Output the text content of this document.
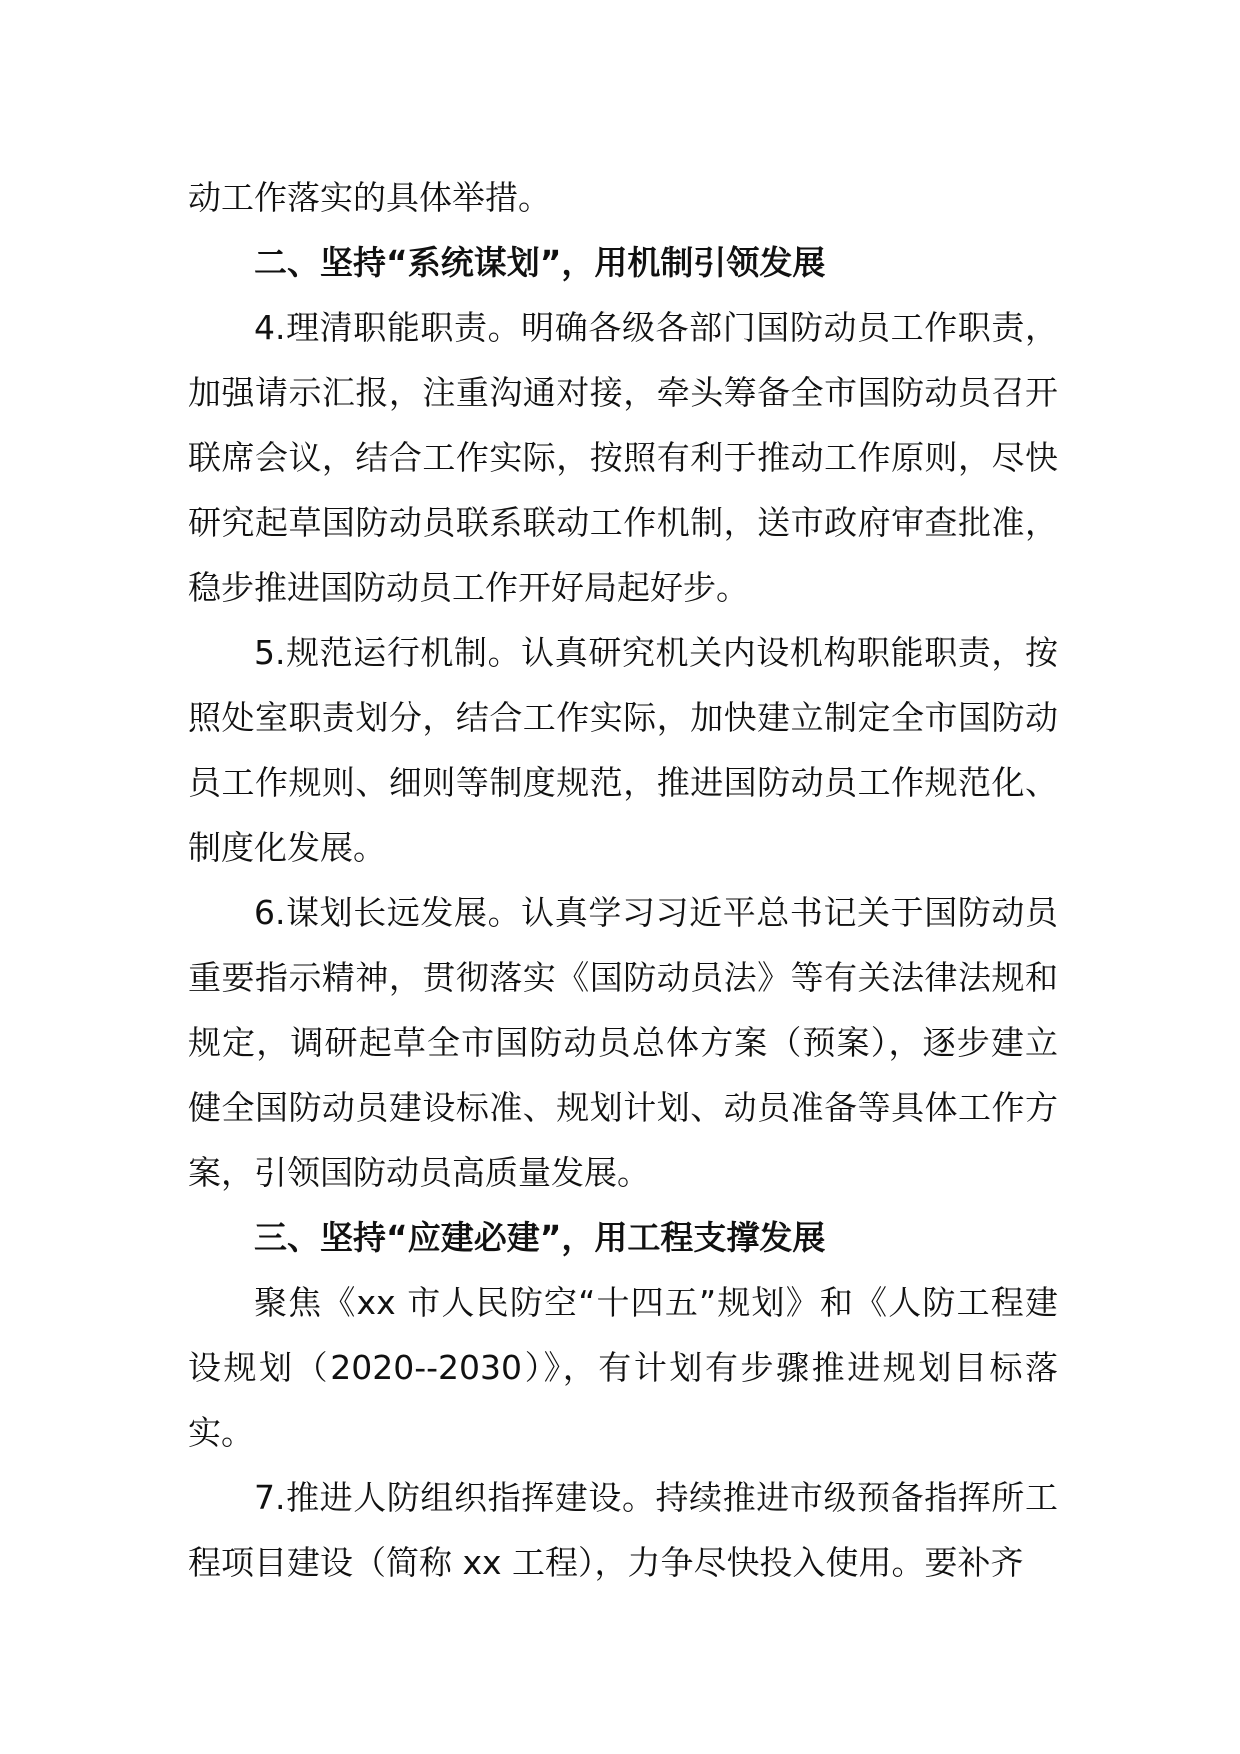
动工作落实的具体举措。

二、坚持“系统谋划”，用机制引领发展

4.理清职能职责。明确各级各部门国防动员工作职责，加强请示汇报，注重沟通对接，牵头筹备全市国防动员召开联席会议，结合工作实际，按照有利于推动工作原则，尽快研究起草国防动员联系联动工作机制，送市政府审查批准，稳步推进国防动员工作开好局起好步。

5.规范运行机制。认真研究机关内设机构职能职责，按照处室职责划分，结合工作实际，加快建立制定全市国防动员工作规则、细则等制度规范，推进国防动员工作规范化、制度化发展。

6.谋划长远发展。认真学习习近平总书记关于国防动员重要指示精神，贯彻落实《国防动员法》等有关法律法规和规定，调研起草全市国防动员总体方案（预案），逐步建立健全国防动员建设标准、规划计划、动员准备等具体工作方案，引领国防动员高质量发展。

三、坚持“应建必建”，用工程支撑发展

聚焦《xx 市人民防空“十四五”规划》和《人防工程建设规划（2020--2030）》，有计划有步骤推进规划目标落实。

7.推进人防组织指挥建设。持续推进市级预备指挥所工程项目建设（简称 xx 工程），力争尽快投入使用。要补齐
